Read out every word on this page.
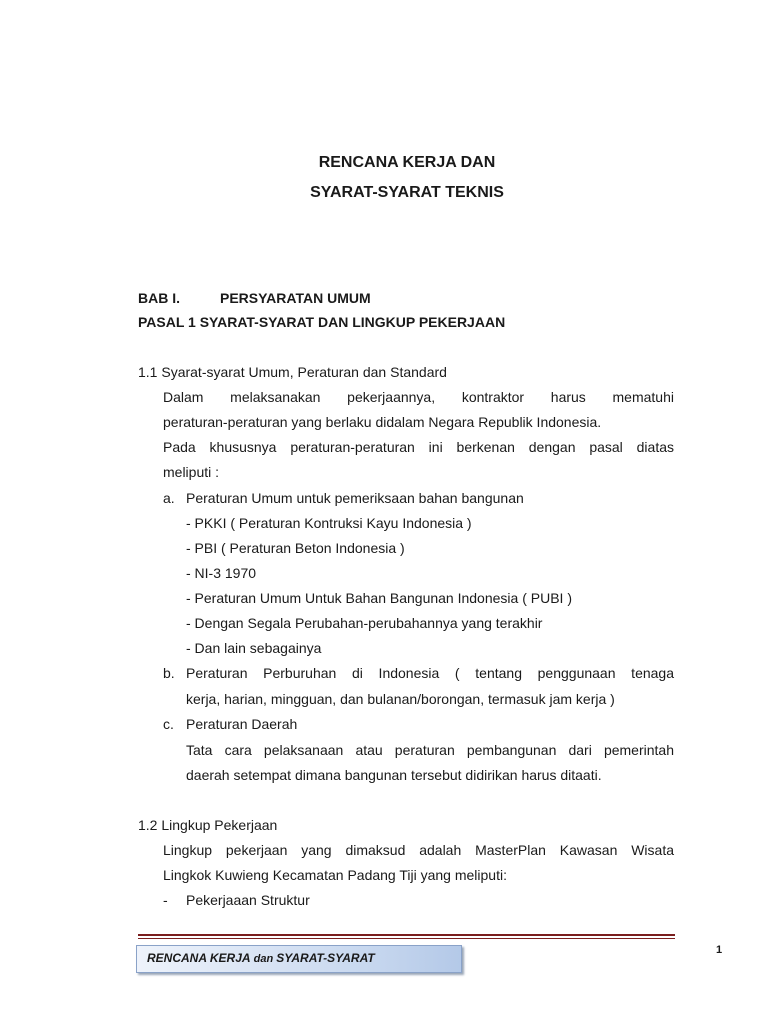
RENCANA KERJA DAN
SYARAT-SYARAT TEKNIS
BAB I.	PERSYARATAN UMUM
PASAL 1 SYARAT-SYARAT DAN LINGKUP PEKERJAAN
1.1 Syarat-syarat Umum, Peraturan dan Standard
Dalam melaksanakan pekerjaannya, kontraktor harus mematuhi
peraturan-peraturan yang berlaku didalam Negara Republik Indonesia.
Pada khususnya peraturan-peraturan ini berkenan dengan pasal diatas
meliputi :
a. Peraturan Umum untuk pemeriksaan bahan bangunan
- PKKI ( Peraturan Kontruksi Kayu Indonesia )
- PBI ( Peraturan Beton Indonesia )
- NI-3 1970
- Peraturan Umum Untuk Bahan Bangunan Indonesia ( PUBI )
- Dengan Segala Perubahan-perubahannya yang terakhir
- Dan lain sebagainya
b. Peraturan Perburuhan di Indonesia ( tentang penggunaan tenaga
kerja, harian, mingguan, dan bulanan/borongan, termasuk jam kerja )
c. Peraturan Daerah
Tata cara pelaksanaan atau peraturan pembangunan dari pemerintah
daerah setempat dimana bangunan tersebut didirikan harus ditaati.
1.2 Lingkup Pekerjaan
Lingkup pekerjaan yang dimaksud adalah MasterPlan Kawasan Wisata
Lingkok Kuwieng Kecamatan Padang Tiji yang meliputi:
- Pekerjaaan Struktur
RENCANA KERJA dan SYARAT-SYARAT
1
